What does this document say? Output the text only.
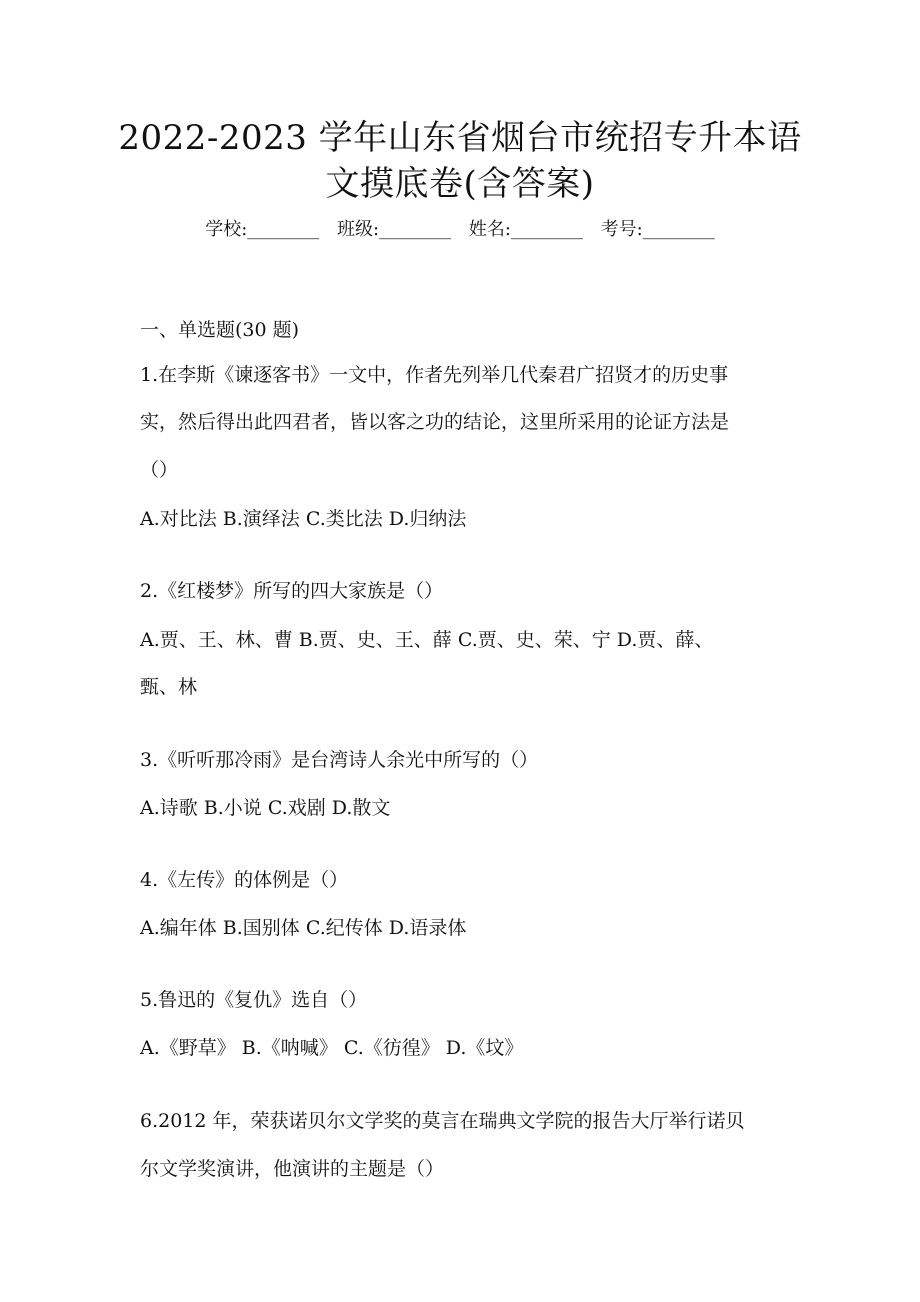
2022-2023 学年山东省烟台市统招专升本语
文摸底卷(含答案)
学校:________ 班级:________ 姓名:________ 考号:________
一、单选题(30 题)
1.在李斯《谏逐客书》一文中，作者先列举几代秦君广招贤才的历史事
实，然后得出此四君者，皆以客之功的结论，这里所采用的论证方法是
（）
A.对比法 B.演绎法 C.类比法 D.归纳法
2.《红楼梦》所写的四大家族是（）
A.贾、王、林、曹 B.贾、史、王、薛 C.贾、史、荣、宁 D.贾、薛、
甄、林
3.《听听那冷雨》是台湾诗人余光中所写的（）
A.诗歌 B.小说 C.戏剧 D.散文
4.《左传》的体例是（）
A.编年体 B.国别体 C.纪传体 D.语录体
5.鲁迅的《复仇》选自（）
A.《野草》 B.《呐喊》 C.《彷徨》 D.《坟》
6.2012 年，荣获诺贝尔文学奖的莫言在瑞典文学院的报告大厅举行诺贝
尔文学奖演讲，他演讲的主题是（）
